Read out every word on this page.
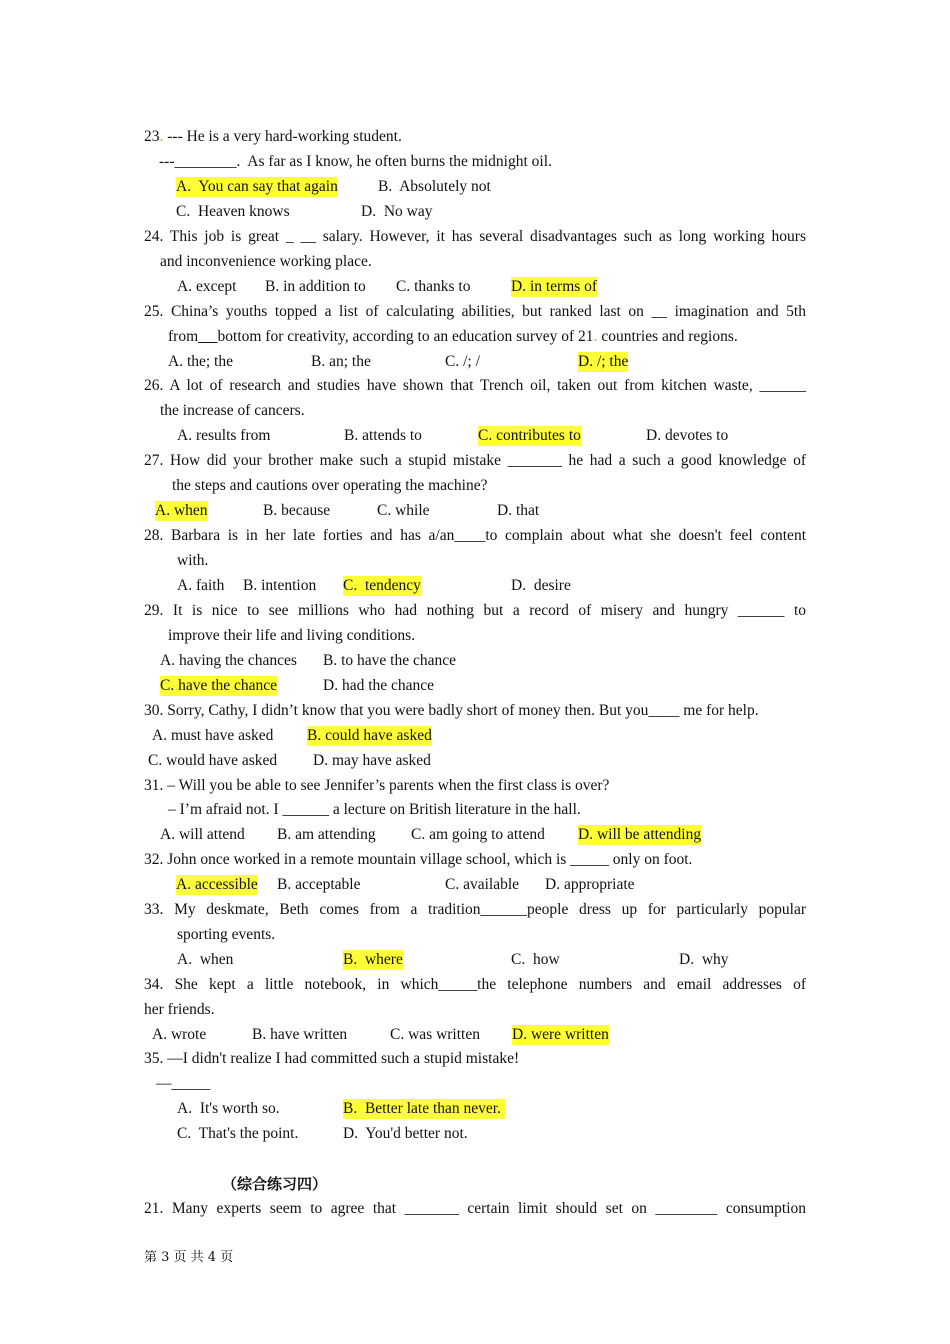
23. --- He is a very hard-working student.
---________.  As far as I know, he often burns the midnight oil.
A.  You can say that again	B.  Absolutely not
C.  Heaven knows	D.  No way
24. This job is great _ __ salary. However, it has several disadvantages such as long working hours
and inconvenience working place.
A. except B. in addition to C. thanks to	D. in terms of
25. China’s youths topped a list of calculating abilities, but ranked last on __ imagination and 5th
from bottom for creativity, according to an education survey of 21. countries and regions.
A. the; the	B. an; the	C. /; /	D. /; the
26. A lot of research and studies have shown that Trench oil, taken out from kitchen waste, ______
the increase of cancers.
A. results from	B. attends to	C. contributes to	D. devotes to
27. How did your brother make such a stupid mistake _______ he had a such a good knowledge of
the steps and cautions over operating the machine?
A. when	B. because	C. while	D. that
28. Barbara is in her late forties and has a/an____to complain about what she doesn't feel content
with.
A. faith B. intention C.  tendency	D.  desire
29. It is nice to see millions who had nothing but a record of misery and hungry ______ to
improve their life and living conditions.
A. having the chances B. to have the chance
C. have the chance	D. had the chance
30. Sorry, Cathy, I didn’t know that you were badly short of money then. But you____ me for help.
A. must have asked B. could have asked
C. would have asked D. may have asked
31. – Will you be able to see Jennifer’s parents when the first class is over?
– I’m afraid not. I ______ a lecture on British literature in the hall.
A. will attend B. am attending C. am going to attend D. will be attending
32. John once worked in a remote mountain village school, which is _____ only on foot.
A. accessible B. acceptable	C. available D. appropriate
33. My deskmate, Beth comes from a tradition______people dress up for particularly popular
sporting events.
A.  when	B.  where	C.  how	D.  why
34. She kept a little notebook, in which_____the telephone numbers and email addresses of
her friends.
A. wrote	B. have written	C. was written D. were written
35. —I didn't realize I had committed such a stupid mistake!
—_____
A.  It's worth so.	B.  Better late than never.
C.  That's the point.	D.  You'd better not.
（综合练习四）
21. Many experts seem to agree that _______ certain limit should set on ________ consumption
第 3 页 共 4 页
